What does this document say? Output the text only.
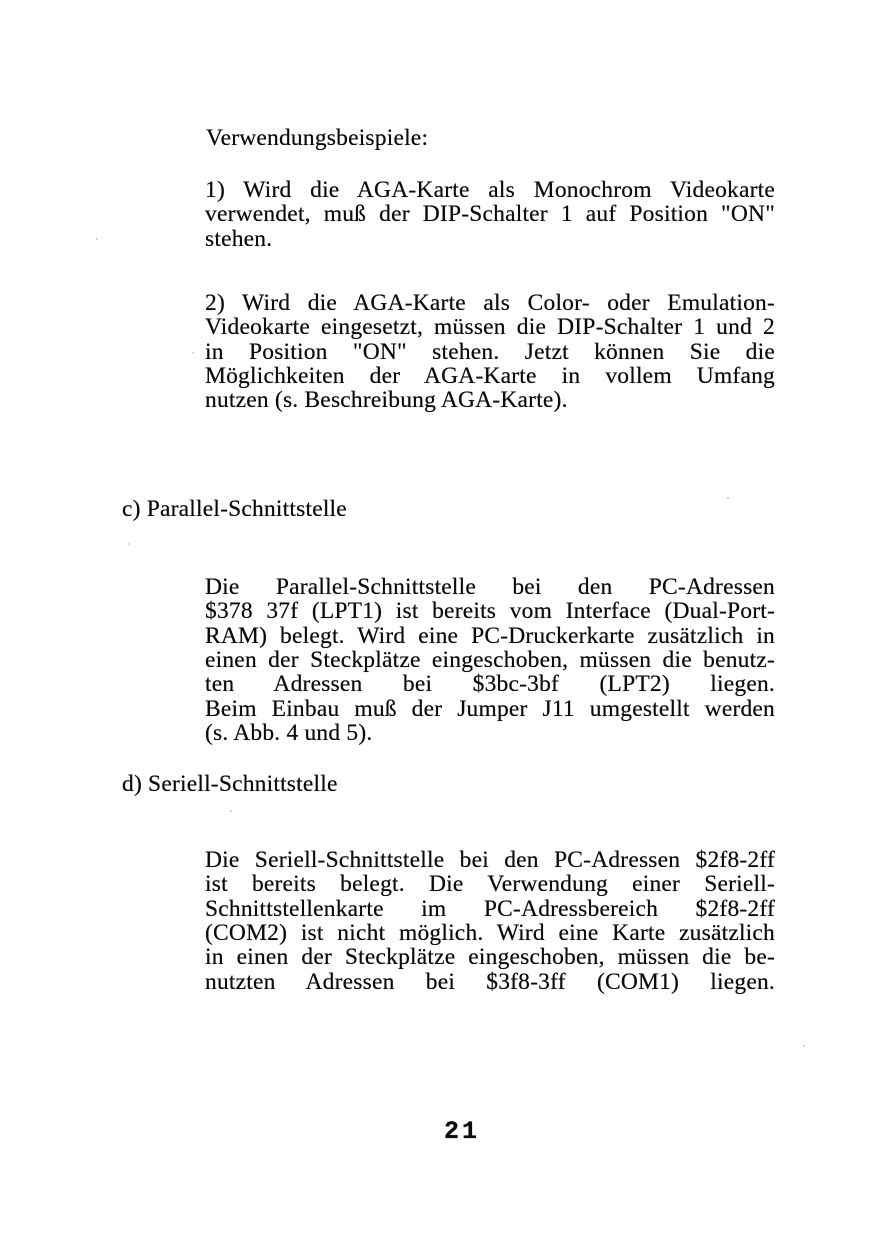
Verwendungsbeispiele:
1) Wird die AGA-Karte als Monochrom Videokarte
verwendet, muß der DIP-Schalter 1 auf Position "ON"
stehen.
2) Wird die AGA-Karte als Color- oder Emulation-
Videokarte eingesetzt, müssen die DIP-Schalter 1 und 2
in Position "ON" stehen. Jetzt können Sie die
Möglichkeiten der AGA-Karte in vollem Umfang
nutzen (s. Beschreibung AGA-Karte).
c) Parallel-Schnittstelle
Die Parallel-Schnittstelle bei den PC-Adressen
$378 37f (LPT1) ist bereits vom Interface (Dual-Port-
RAM) belegt. Wird eine PC-Druckerkarte zusätzlich in
einen der Steckplätze eingeschoben, müssen die benutz-
ten Adressen bei $3bc-3bf (LPT2) liegen.
Beim Einbau muß der Jumper J11 umgestellt werden
(s. Abb. 4 und 5).
d) Seriell-Schnittstelle
Die Seriell-Schnittstelle bei den PC-Adressen $2f8-2ff
ist bereits belegt. Die Verwendung einer Seriell-
Schnittstellenkarte im PC-Adressbereich $2f8-2ff
(COM2) ist nicht möglich. Wird eine Karte zusätzlich
in einen der Steckplätze eingeschoben, müssen die be-
nutzten Adressen bei $3f8-3ff (COM1) liegen.
21
